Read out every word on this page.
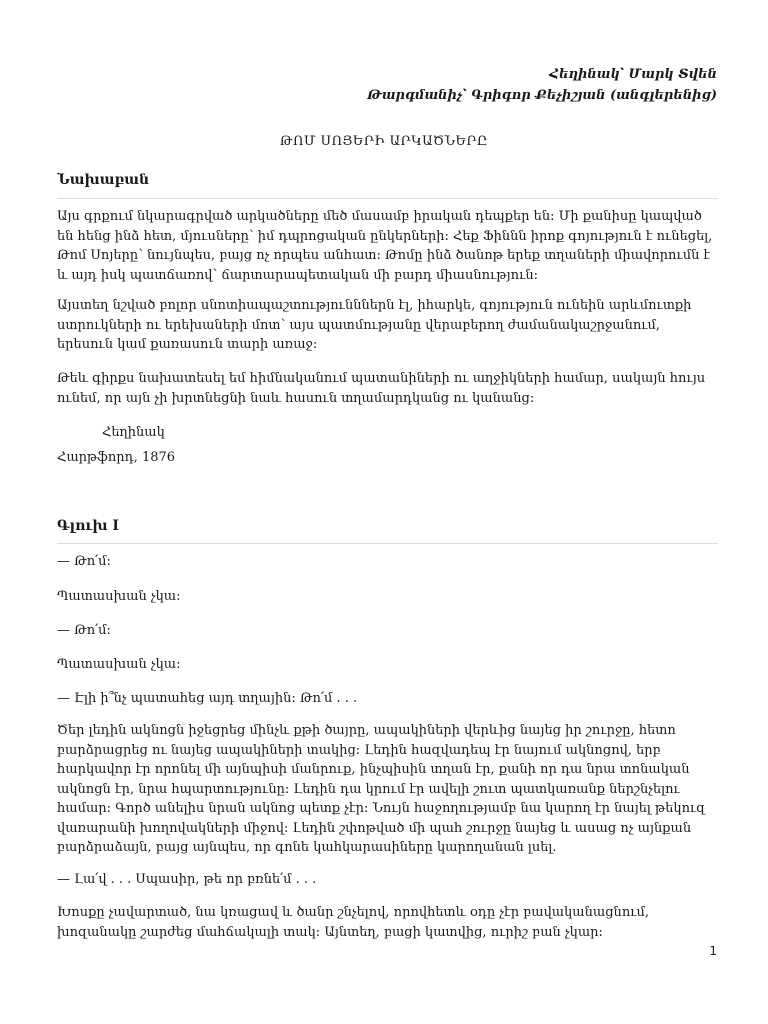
Հեղինակ՝ Մարկ Տվեն
Թարգմանիչ՝ Գրիգոր Քեչիշյան (անգլերենից)
ԹՈՄ ՍՈՅԵՐԻ ԱՐԿԱԾՆԵՐԸ
Նախաբան

Այս գրքում նկարագրված արկածները մեծ մասամբ իրական դեպքեր են։ Մի քանիսը կապված են հենց ինձ հետ, մյուսները՝ իմ դպրոցական ընկերների։ Հեք Ֆիննն իրոք գոյություն է ունեցել, Թոմ Սոյերը՝ նույնպես, բայց ոչ որպես անհատ։ Թոմը ինձ ծանոթ երեք տղաների միավորումն է և այդ իսկ պատճառով՝ ճարտարապետական մի բարդ միասնություն։

Այստեղ նշված բոլոր սնոտիապաշտությունններն էլ, իհարկե, գոյություն ունեին արևմուտքի ստրուկների ու երեխաների մոտ՝ այս պատմությանը վերաբերող ժամանակաշրջանում, երեսուն կամ քառասուն տարի առաջ։

Թեև գիրքս նախատեսել եմ հիմնականում պատանիների ու աղջիկների համար, սակայն հույս ունեմ, որ այն չի խրտնեցնի նաև հասուն տղամարդկանց ու կանանց։

Հեղինակ

Հարթֆորդ, 1876

Գլուխ I

— Թո՛մ։

Պատասխան չկա։

— Թո՛մ։

Պատասխան չկա։

— Էլի ի՞նչ պատահեց այդ տղային։ Թո՛մ . . .

Ծեր լեդին ակնոցն իջեցրեց մինչև քթի ծայրը, ապակիների վերևից նայեց իր շուրջը, հետո բարձրացրեց ու նայեց ապակիների տակից։ Լեդին հազվադեպ էր նայում ակնոցով, երբ հարկավոր էր որոնել մի այնպիսի մանրուք, ինչպիսին տղան էր, քանի որ դա նրա տոնական ակնոցն էր, նրա հպարտությունը։ Լեդին դա կրում էր ավելի շուտ պատկառանք ներշնչելու համար։ Գործ անելիս նրան ակնոց պետք չէր։ Նույն հաջողությամբ նա կարող էր նայել թեկուզ վառարանի խողովակների միջով։ Լեդին շփոթված մի պահ շուրջը նայեց և ասաց ոչ այնքան բարձրաձայն, բայց այնպես, որ գոնե կահկարասիները կարողանան լսել.

— Լա՛վ . . . Սպասիր, թե որ բռնե՛մ . . .

Խոսքը չավարտած, նա կռացավ և ծանր շնչելով, որովհետև օդը չէր բավականացնում, խոզանակը շարժեց մահճակալի տակ։ Այնտեղ, բացի կատվից, ուրիշ բան չկար։

1
